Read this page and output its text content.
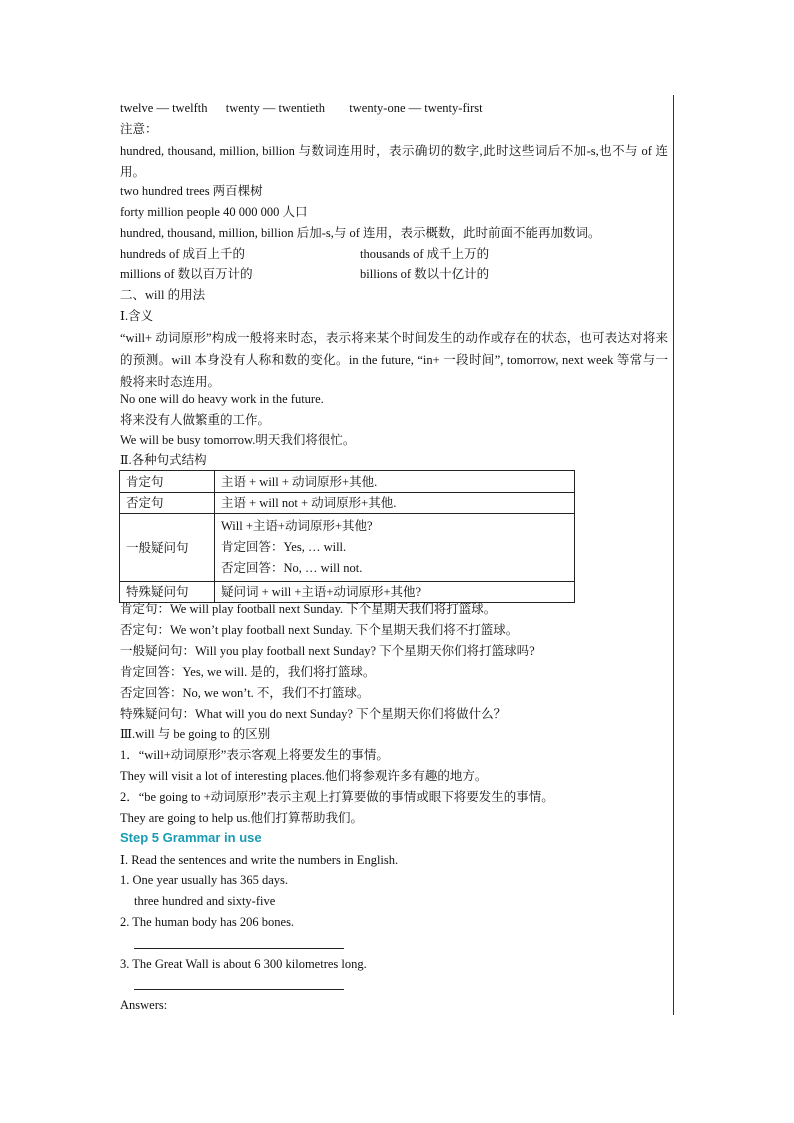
twelve — twelfth twenty — twentieth twenty-one — twenty-first
注意：
hundred, thousand, million, billion 与数词连用时，表示确切的数字,此时这些词后不加-s,也不与 of 连用。
two hundred trees 两百棵树
forty million people 40 000 000 人口
hundred, thousand, million, billion 后加-s,与 of 连用，表示概数，此时前面不能再加数词。
hundreds of 成百上千的	thousands of 成千上万的
millions of 数以百万计的	billions of 数以十亿计的
二、will 的用法
Ⅰ.含义
“will+ 动词原形”构成一般将来时态，表示将来某个时间发生的动作或存在的状态，也可表达对将来的预测。will 本身没有人称和数的变化。in the future, “in+ 一段时间”, tomorrow, next week 等常与一般将来时态连用。
No one will do heavy work in the future.
将来没有人做繁重的工作。
We will be busy tomorrow.明天我们将很忙。
Ⅱ.各种句式结构
肯定句	主语 + will + 动词原形+其他.
否定句	主语 + will not + 动词原形+其他.
一般疑问句	Will +主语+动词原形+其他?
肯定回答：Yes, … will.
否定回答：No, … will not.

特殊疑问句	疑问词 + will +主语+动词原形+其他?
肯定句：We will play football next Sunday. 下个星期天我们将打篮球。
否定句：We won’t play football next Sunday. 下个星期天我们将不打篮球。
一般疑问句：Will you play football next Sunday? 下个星期天你们将打篮球吗?
肯定回答：Yes, we will. 是的，我们将打篮球。
否定回答：No, we won’t. 不，我们不打篮球。
特殊疑问句：What will you do next Sunday? 下个星期天你们将做什么？
Ⅲ.will 与 be going to 的区别
1．“will+动词原形”表示客观上将要发生的事情。
They will visit a lot of interesting places.他们将参观许多有趣的地方。
2．“be going to +动词原形”表示主观上打算要做的事情或眼下将要发生的事情。
They are going to help us.他们打算帮助我们。
Step 5 Grammar in use
Ⅰ. Read the sentences and write the numbers in English.
1. One year usually has 365 days.
three hundred and sixty-five
2. The human body has 206 bones.
3. The Great Wall is about 6 300 kilometres long.
Answers:
